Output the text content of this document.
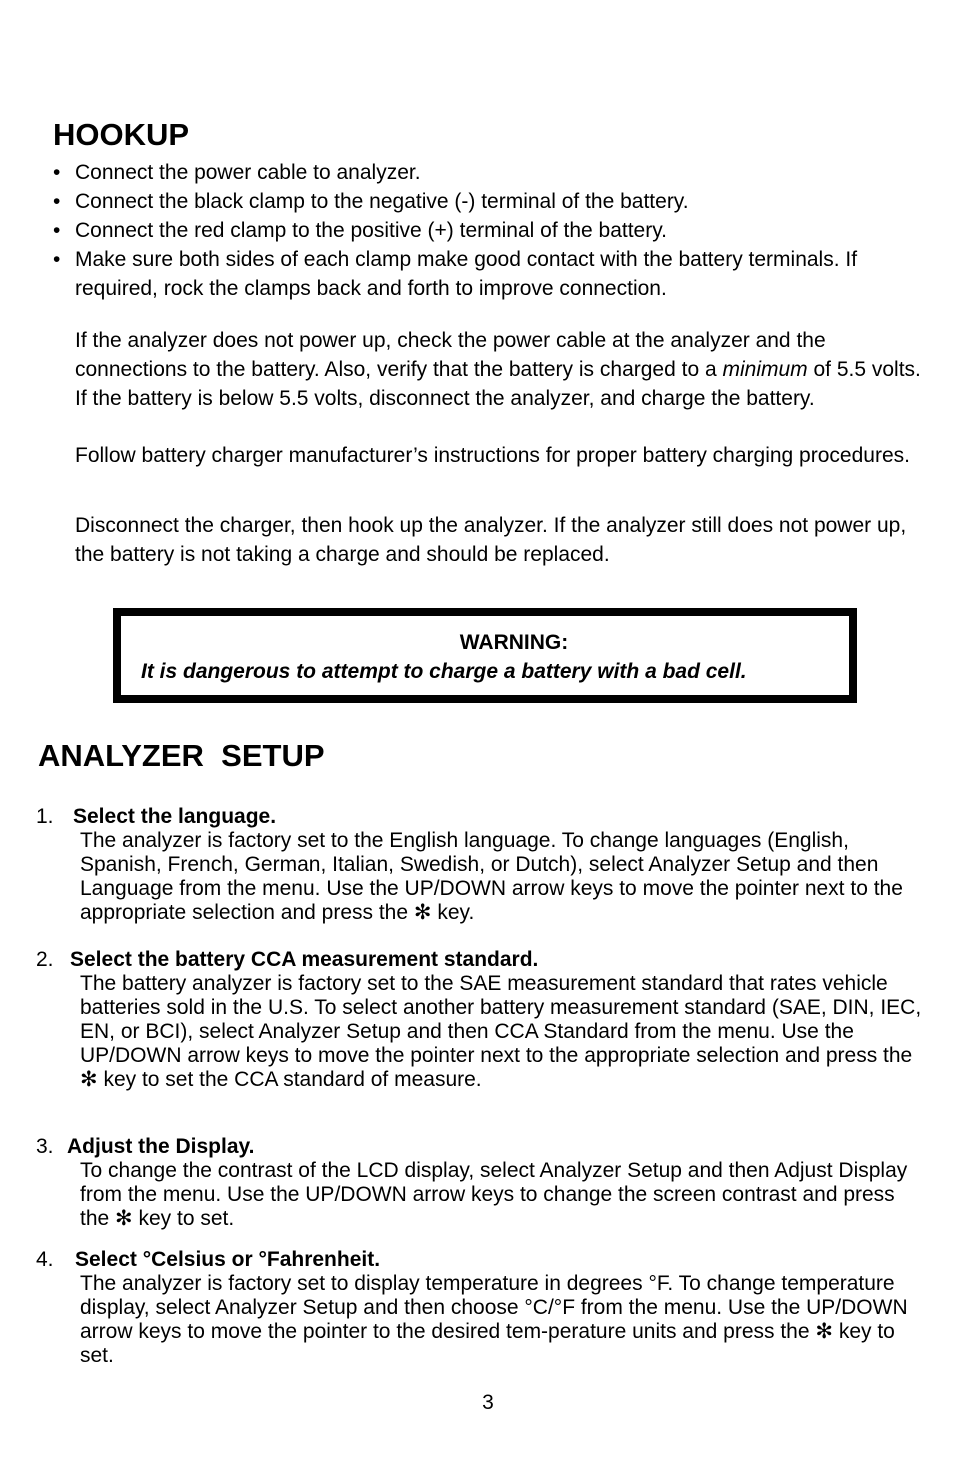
HOOKUP
• Connect the power cable to analyzer.
• Connect the black clamp to the negative (-) terminal of the battery.
• Connect the red clamp to the positive (+) terminal of the battery.
• Make sure both sides of each clamp make good contact with the battery terminals. If required, rock the clamps back and forth to improve connection.

If the analyzer does not power up, check the power cable at the analyzer and the connections to the battery. Also, verify that the battery is charged to a minimum of 5.5 volts. If the battery is below 5.5 volts, disconnect the analyzer, and charge the battery.

Follow battery charger manufacturer’s instructions for proper battery charging procedures.

Disconnect the charger, then hook up the analyzer. If the analyzer still does not power up, the battery is not taking a charge and should be replaced.

WARNING:
It is dangerous to attempt to charge a battery with a bad cell.
ANALYZER  SETUP
1. Select the language.
The analyzer is factory set to the English language. To change languages (English, Spanish, French, German, Italian, Swedish, or Dutch), select Analyzer Setup and then Language from the menu. Use the UP/DOWN arrow keys to move the pointer next to the appropriate selection and press the ✻ key.
2. Select the battery CCA measurement standard.
The battery analyzer is factory set to the SAE measurement standard that rates vehicle batteries sold in the U.S. To select another battery measurement standard (SAE, DIN, IEC, EN, or BCI), select Analyzer Setup and then CCA Standard from the menu. Use the UP/DOWN arrow keys to move the pointer next to the appropriate selection and press the ✻ key to set the CCA standard of measure.
3. Adjust the Display.
To change the contrast of the LCD display, select Analyzer Setup and then Adjust Display from the menu. Use the UP/DOWN arrow keys to change the screen contrast and press the ✻ key to set.
4. Select °Celsius or °Fahrenheit.
The analyzer is factory set to display temperature in degrees °F. To change temperature display, select Analyzer Setup and then choose °C/°F from the menu. Use the UP/DOWN arrow keys to move the pointer to the desired tem-perature units and press the ✻ key to set.
3
